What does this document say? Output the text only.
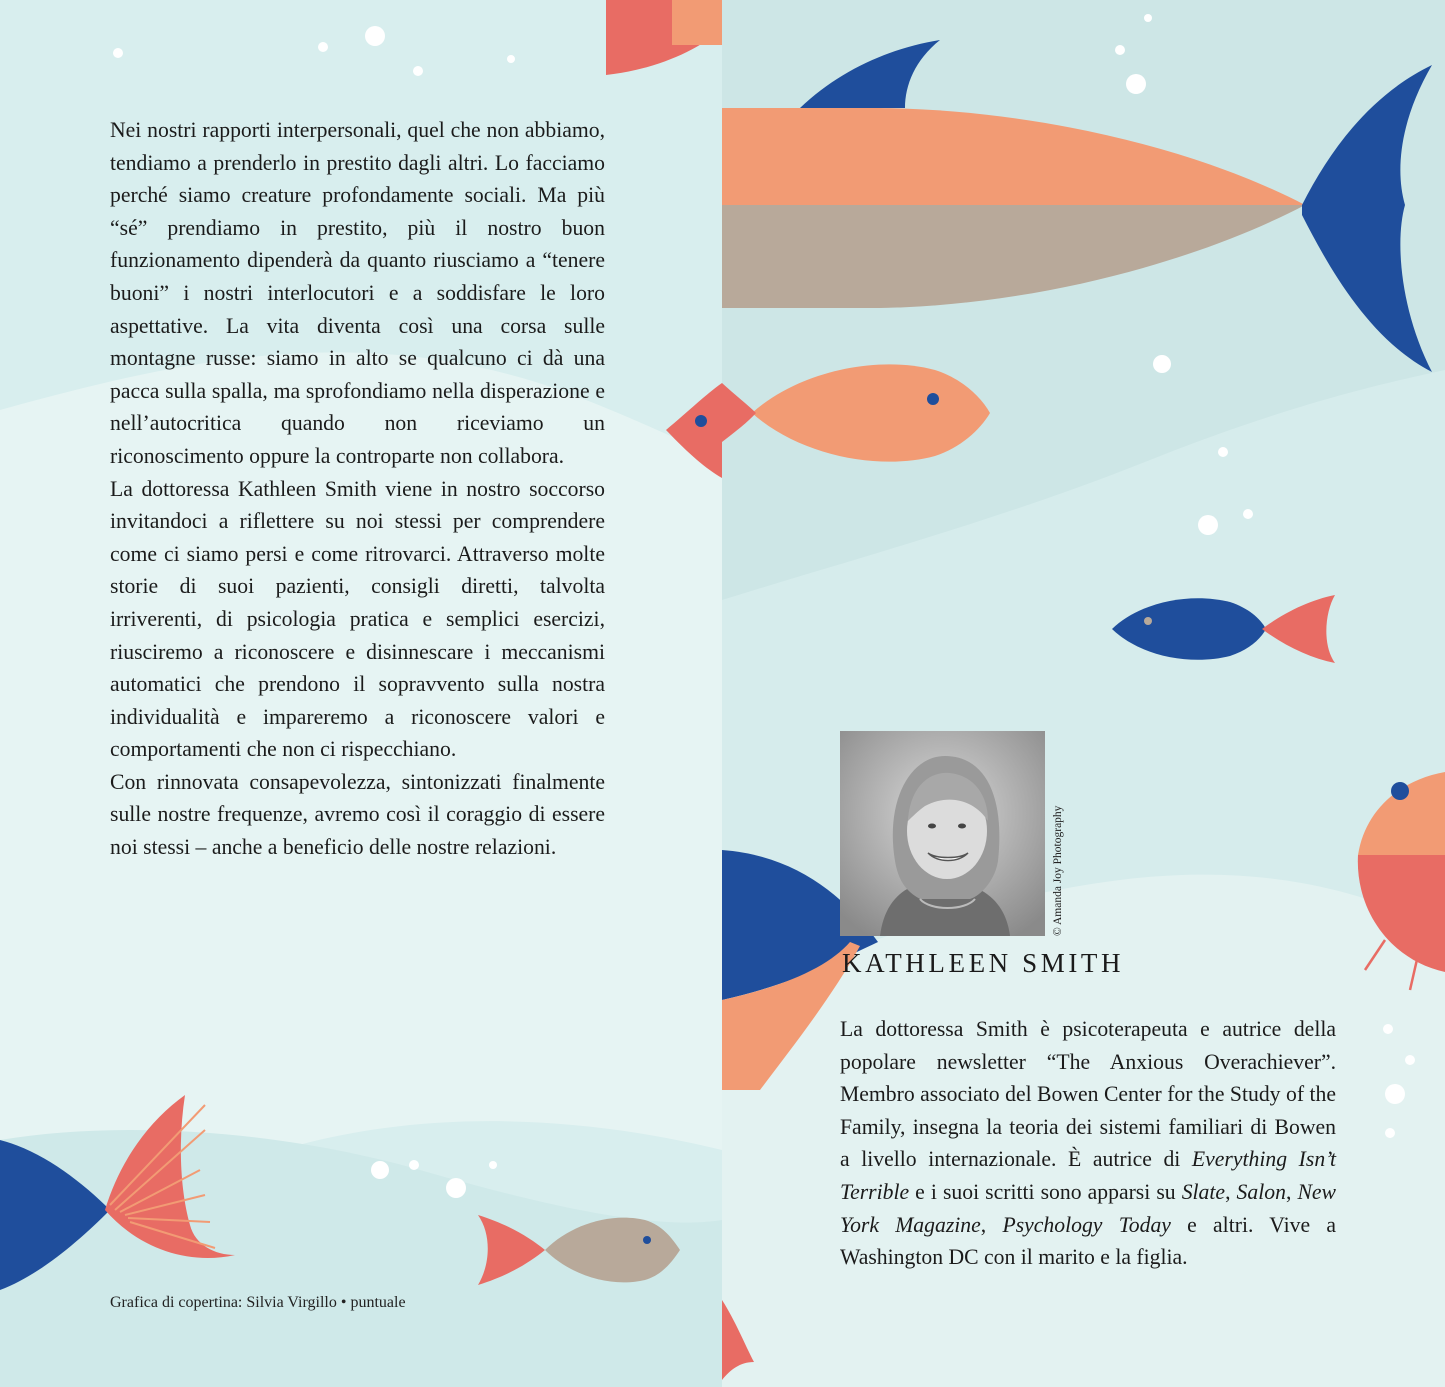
Nei nostri rapporti interpersonali, quel che non abbiamo, tendiamo a prenderlo in prestito dagli altri. Lo facciamo perché siamo creature profondamente sociali. Ma più “sé” prendiamo in prestito, più il nostro buon funzionamento dipenderà da quanto riusciamo a “tenere buoni” i nostri interlocutori e a soddisfare le loro aspettative. La vita diventa così una corsa sulle montagne russe: siamo in alto se qualcuno ci dà una pacca sulla spalla, ma sprofondiamo nella disperazione e nell’autocritica quando non riceviamo un riconoscimento oppure la controparte non collabora.

La dottoressa Kathleen Smith viene in nostro soccorso invitandoci a riflettere su noi stessi per comprendere come ci siamo persi e come ritrovarci. Attraverso molte storie di suoi pazienti, consigli diretti, talvolta irriverenti, di psicologia pratica e semplici esercizi, riusciremo a riconoscere e disinnescare i meccanismi automatici che prendono il sopravvento sulla nostra individualità e impareremo a riconoscere valori e comportamenti che non ci rispecchiano.

Con rinnovata consapevolezza, sintonizzati finalmente sulle nostre frequenze, avremo così il coraggio di essere noi stessi – anche a beneficio delle nostre relazioni.

Grafica di copertina: Silvia Virgillo • puntuale
© Amanda Joy Photography
KATHLEEN SMITH

La dottoressa Smith è psicoterapeuta e autrice della popolare newsletter “The Anxious Overachiever”. Membro associato del Bowen Center for the Study of the Family, insegna la teoria dei sistemi familiari di Bowen a livello internazionale. È autrice di Everything Isn’t Terrible e i suoi scritti sono apparsi su Slate, Salon, New York Magazine, Psychology Today e altri. Vive a Washington DC con il marito e la figlia.
